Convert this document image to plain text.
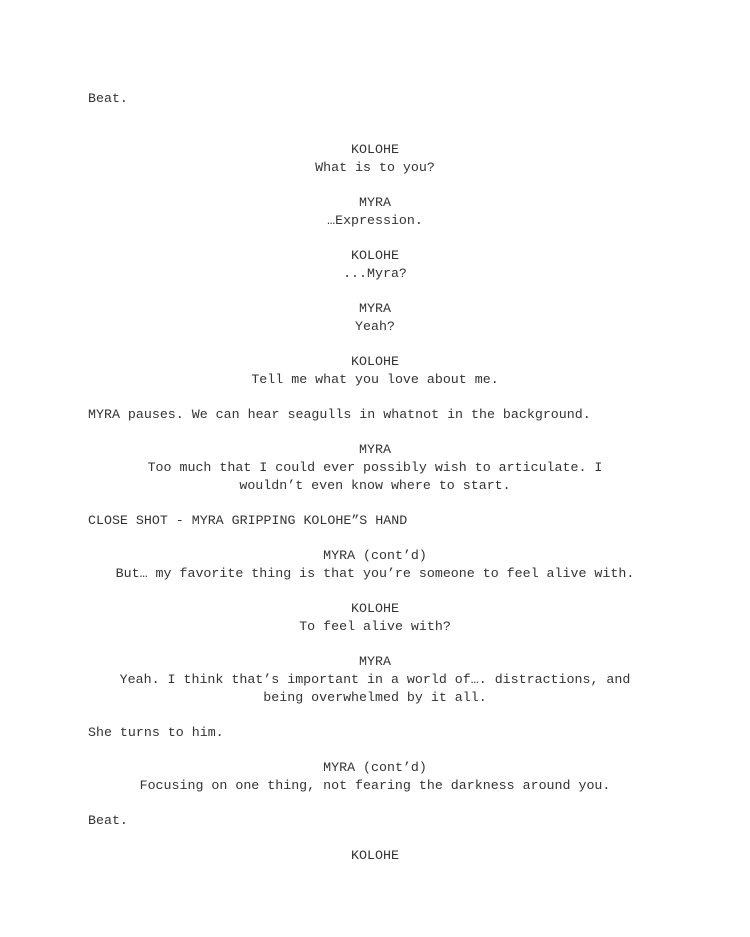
Beat.

KOLOHE

What is to you?

MYRA

…Expression.

KOLOHE

...Myra?

MYRA

Yeah?

KOLOHE

Tell me what you love about me.

MYRA pauses. We can hear seagulls in whatnot in the background.

MYRA

Too much that I could ever possibly wish to articulate. I

wouldn’t even know where to start.

CLOSE SHOT - MYRA GRIPPING KOLOHE”S HAND

MYRA (cont’d)

But… my favorite thing is that you’re someone to feel alive with.

KOLOHE

To feel alive with?

MYRA

Yeah. I think that’s important in a world of…. distractions, and

being overwhelmed by it all.

She turns to him.

MYRA (cont’d)

Focusing on one thing, not fearing the darkness around you.

Beat.

KOLOHE
